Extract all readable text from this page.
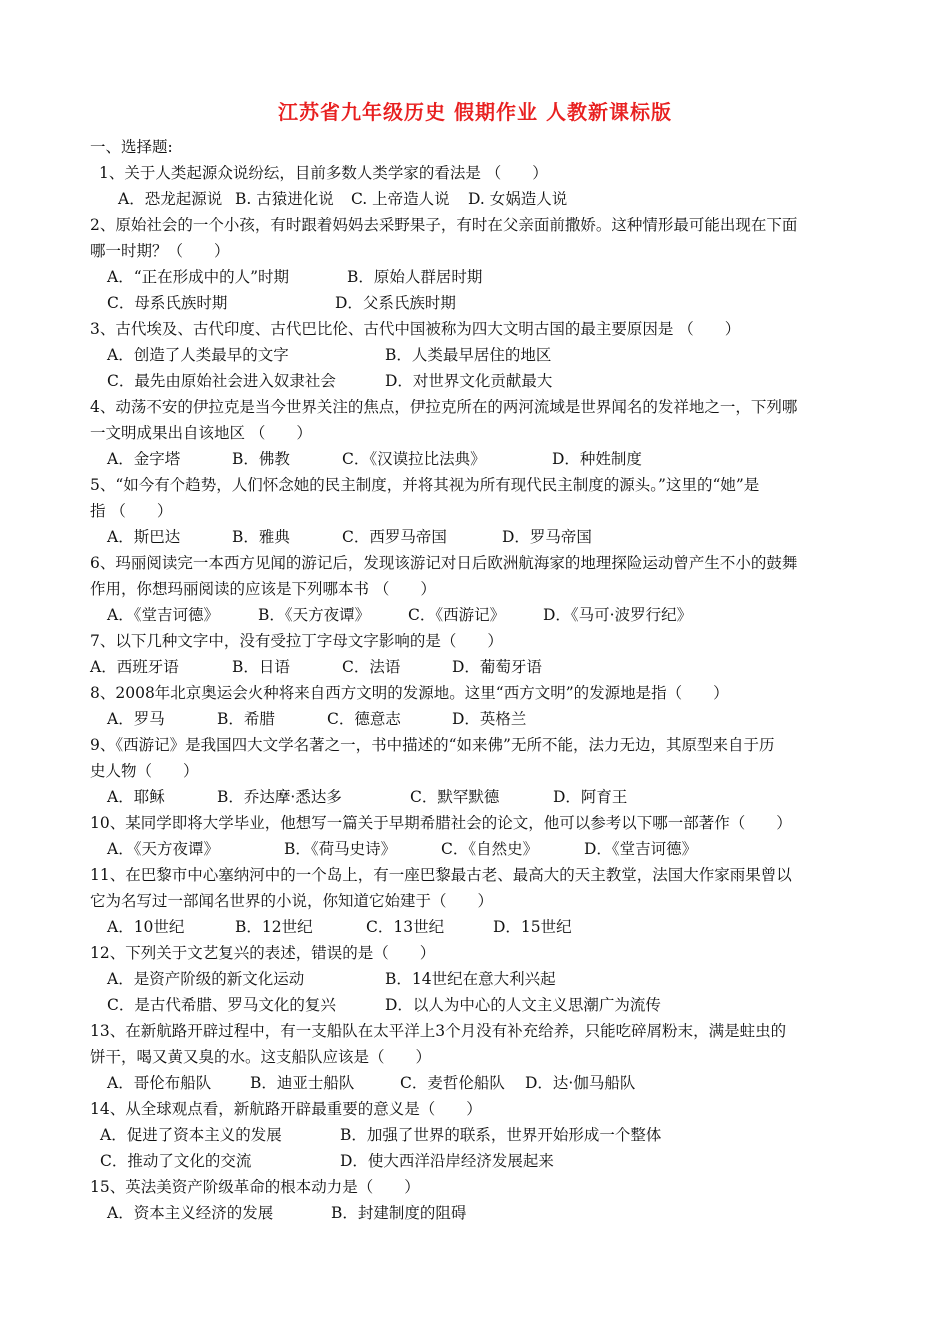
江苏省九年级历史 假期作业 人教新课标版
一、选择题:
1、关于人类起源众说纷纭，目前多数人类学家的看法是 （　　）
A．恐龙起源说 B. 古猿进化说 C. 上帝造人说 D. 女娲造人说
2、原始社会的一个小孩，有时跟着妈妈去采野果子，有时在父亲面前撒娇。这种情形最可能出现在下面
哪一时期？（　　）
A．“正在形成中的人”时期	B．原始人群居时期
C．母系氏族时期	D．父系氏族时期
3、古代埃及、古代印度、古代巴比伦、古代中国被称为四大文明古国的最主要原因是 （　　）
A．创造了人类最早的文字	B．人类最早居住的地区
C．最先由原始社会进入奴隶社会	D．对世界文化贡献最大
4、动荡不安的伊拉克是当今世界关注的焦点，伊拉克所在的两河流域是世界闻名的发祥地之一，下列哪
一文明成果出自该地区 （　　）
A．金字塔	B．佛教	C．《汉谟拉比法典》	D．种姓制度
5、“如今有个趋势，人们怀念她的民主制度，并将其视为所有现代民主制度的源头。”这里的“她”是
指 （　　）
A．斯巴达	B．雅典	C．西罗马帝国	D．罗马帝国
6、玛丽阅读完一本西方见闻的游记后，发现该游记对日后欧洲航海家的地理探险运动曾产生不小的鼓舞
作用，你想玛丽阅读的应该是下列哪本书 （　　）
A．《堂吉诃德》	B．《天方夜谭》 C．《西游记》 D．《马可·波罗行纪》
7、以下几种文字中，没有受拉丁字母文字影响的是（　　）
A．西班牙语	B．日语	C．法语	D．葡萄牙语
8、2008年北京奥运会火种将来自西方文明的发源地。这里“西方文明”的发源地是指（　　）
A．罗马	B．希腊	C．德意志	D．英格兰
9、《西游记》是我国四大文学名著之一，书中描述的“如来佛”无所不能，法力无边，其原型来自于历
史人物（　　）
A．耶稣	B．乔达摩·悉达多	C．默罕默德	D．阿育王
10、某同学即将大学毕业，他想写一篇关于早期希腊社会的论文，他可以参考以下哪一部著作（　　）
A．《天方夜谭》	B．《荷马史诗》	C．《自然史》	D．《堂吉诃德》
11、在巴黎市中心塞纳河中的一个岛上，有一座巴黎最古老、最高大的天主教堂，法国大作家雨果曾以
它为名写过一部闻名世界的小说，你知道它始建于（　　）
A．10世纪	B．12世纪	C．13世纪	D．15世纪
12、下列关于文艺复兴的表述，错误的是（　　）
A．是资产阶级的新文化运动	B．14世纪在意大利兴起
C．是古代希腊、罗马文化的复兴	D．以人为中心的人文主义思潮广为流传
13、在新航路开辟过程中，有一支船队在太平洋上3个月没有补充给养，只能吃碎屑粉末，满是蛀虫的
饼干，喝又黄又臭的水。这支船队应该是（　　）
A．哥伦布船队	B．迪亚士船队	C．麦哲伦船队 D．达·伽马船队
14、从全球观点看，新航路开辟最重要的意义是（　　）
A．促进了资本主义的发展	B．加强了世界的联系，世界开始形成一个整体
C．推动了文化的交流	D．使大西洋沿岸经济发展起来
15、英法美资产阶级革命的根本动力是（　　）
A．资本主义经济的发展	B．封建制度的阻碍
